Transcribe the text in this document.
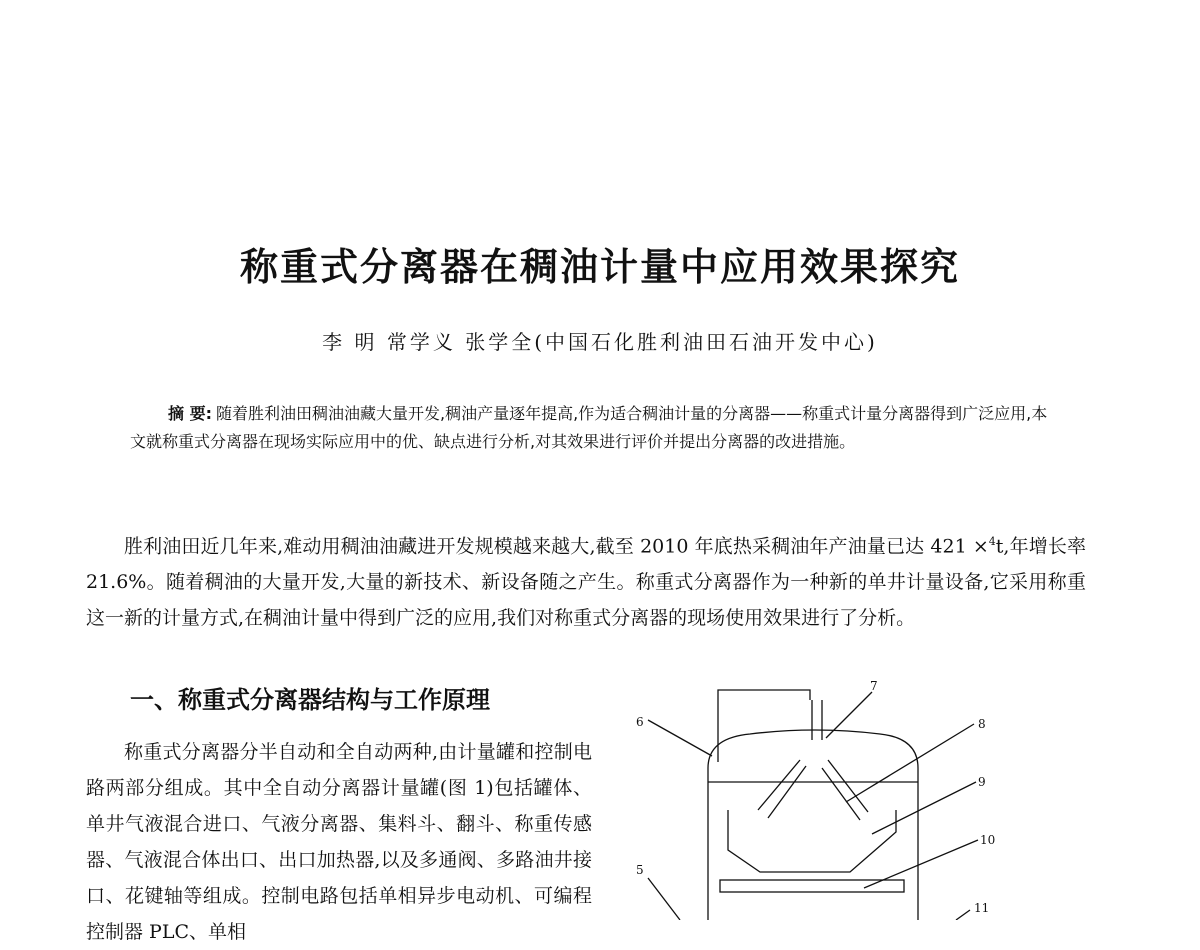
称重式分离器在稠油计量中应用效果探究
李 明 常学义 张学全(中国石化胜利油田石油开发中心)
摘 要: 随着胜利油田稠油油藏大量开发,稠油产量逐年提高,作为适合稠油计量的分离器——称重式计量分离器得到广泛应用,本文就称重式分离器在现场实际应用中的优、缺点进行分析,对其效果进行评价并提出分离器的改进措施。

胜利油田近几年来,难动用稠油油藏进开发规模越来越大,截至 2010 年底热采稠油年产油量已达 421 ×$^4$t,年增长率 21.6%。随着稠油的大量开发,大量的新技术、新设备随之产生。称重式分离器作为一种新的单井计量设备,它采用称重这一新的计量方式,在稠油计量中得到广泛的应用,我们对称重式分离器的现场使用效果进行了分析。

一、称重式分离器结构与工作原理

称重式分离器分半自动和全自动两种,由计量罐和控制电路两部分组成。其中全自动分离器计量罐(图 1)包括罐体、单井气液混合进口、气液分离器、集料斗、翻斗、称重传感器、气液混合体出口、出口加热器,以及多通阀、多路油井接口、花键轴等组成。控制电路包括单相异步电动机、可编程控制器 PLC、单相

5
6
7
8
9
10
11
